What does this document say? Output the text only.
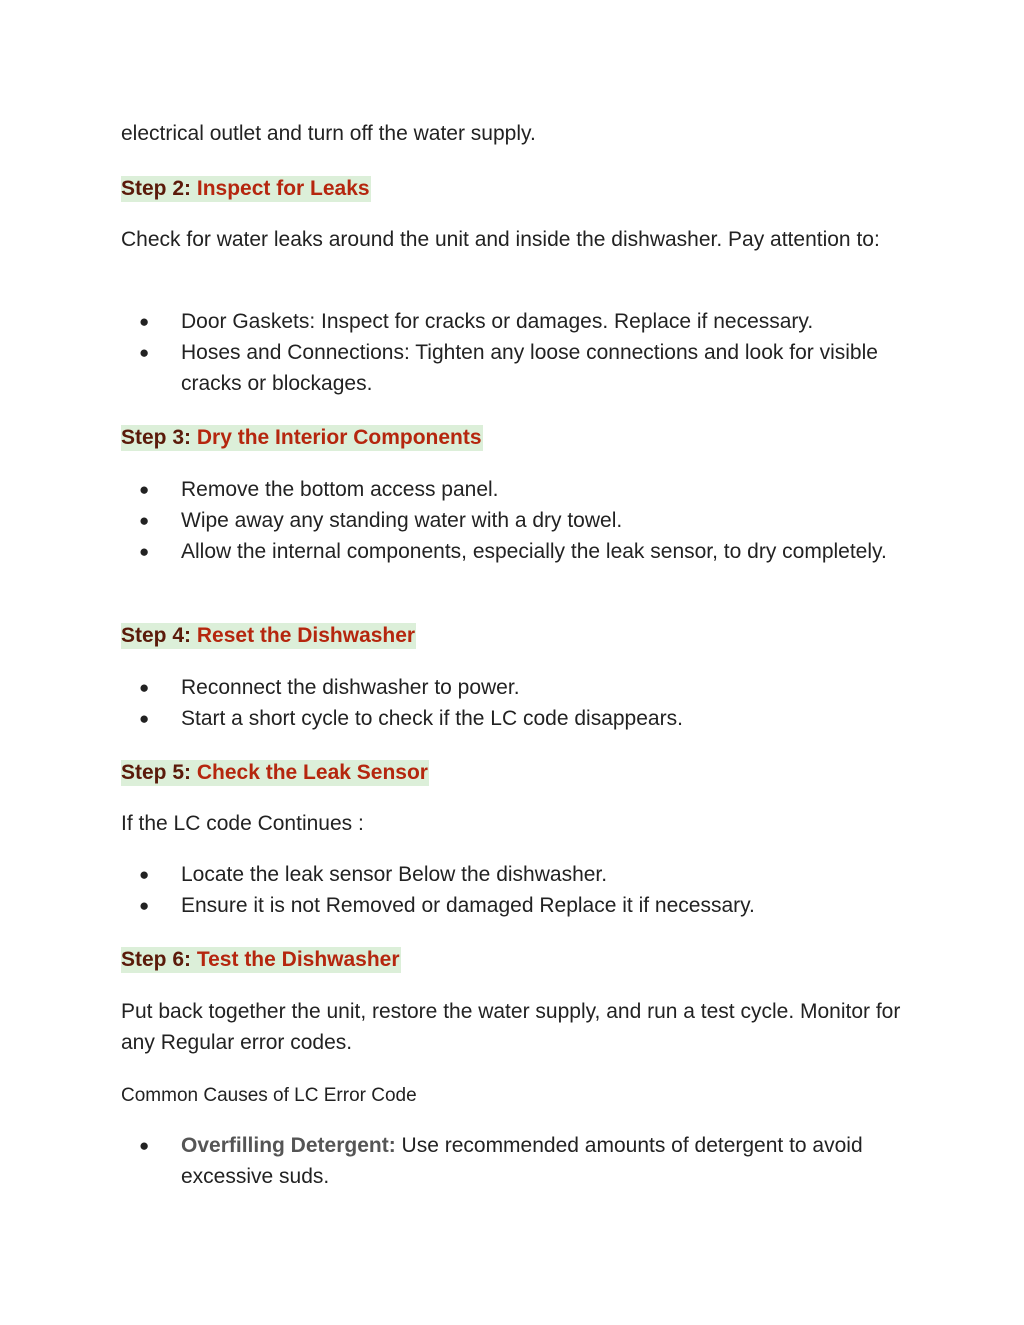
electrical outlet and turn off the water supply.

Step 2: Inspect for Leaks

Check for water leaks around the unit and inside the dishwasher. Pay attention to:

● Door Gaskets: Inspect for cracks or damages. Replace if necessary.
● Hoses and Connections: Tighten any loose connections and look for visible cracks or blockages.
Step 3: Dry the Interior Components
● Remove the bottom access panel.
● Wipe away any standing water with a dry towel.
● Allow the internal components, especially the leak sensor, to dry completely.
Step 4: Reset the Dishwasher
● Reconnect the dishwasher to power.
● Start a short cycle to check if the LC code disappears.
Step 5: Check the Leak Sensor

If the LC code Continues :

● Locate the leak sensor Below the dishwasher.
● Ensure it is not Removed or damaged Replace it if necessary.
Step 6: Test the Dishwasher

Put back together the unit, restore the water supply, and run a test cycle. Monitor for any Regular error codes.

Common Causes of LC Error Code

● Overfilling Detergent: Use recommended amounts of detergent to avoid excessive suds.
